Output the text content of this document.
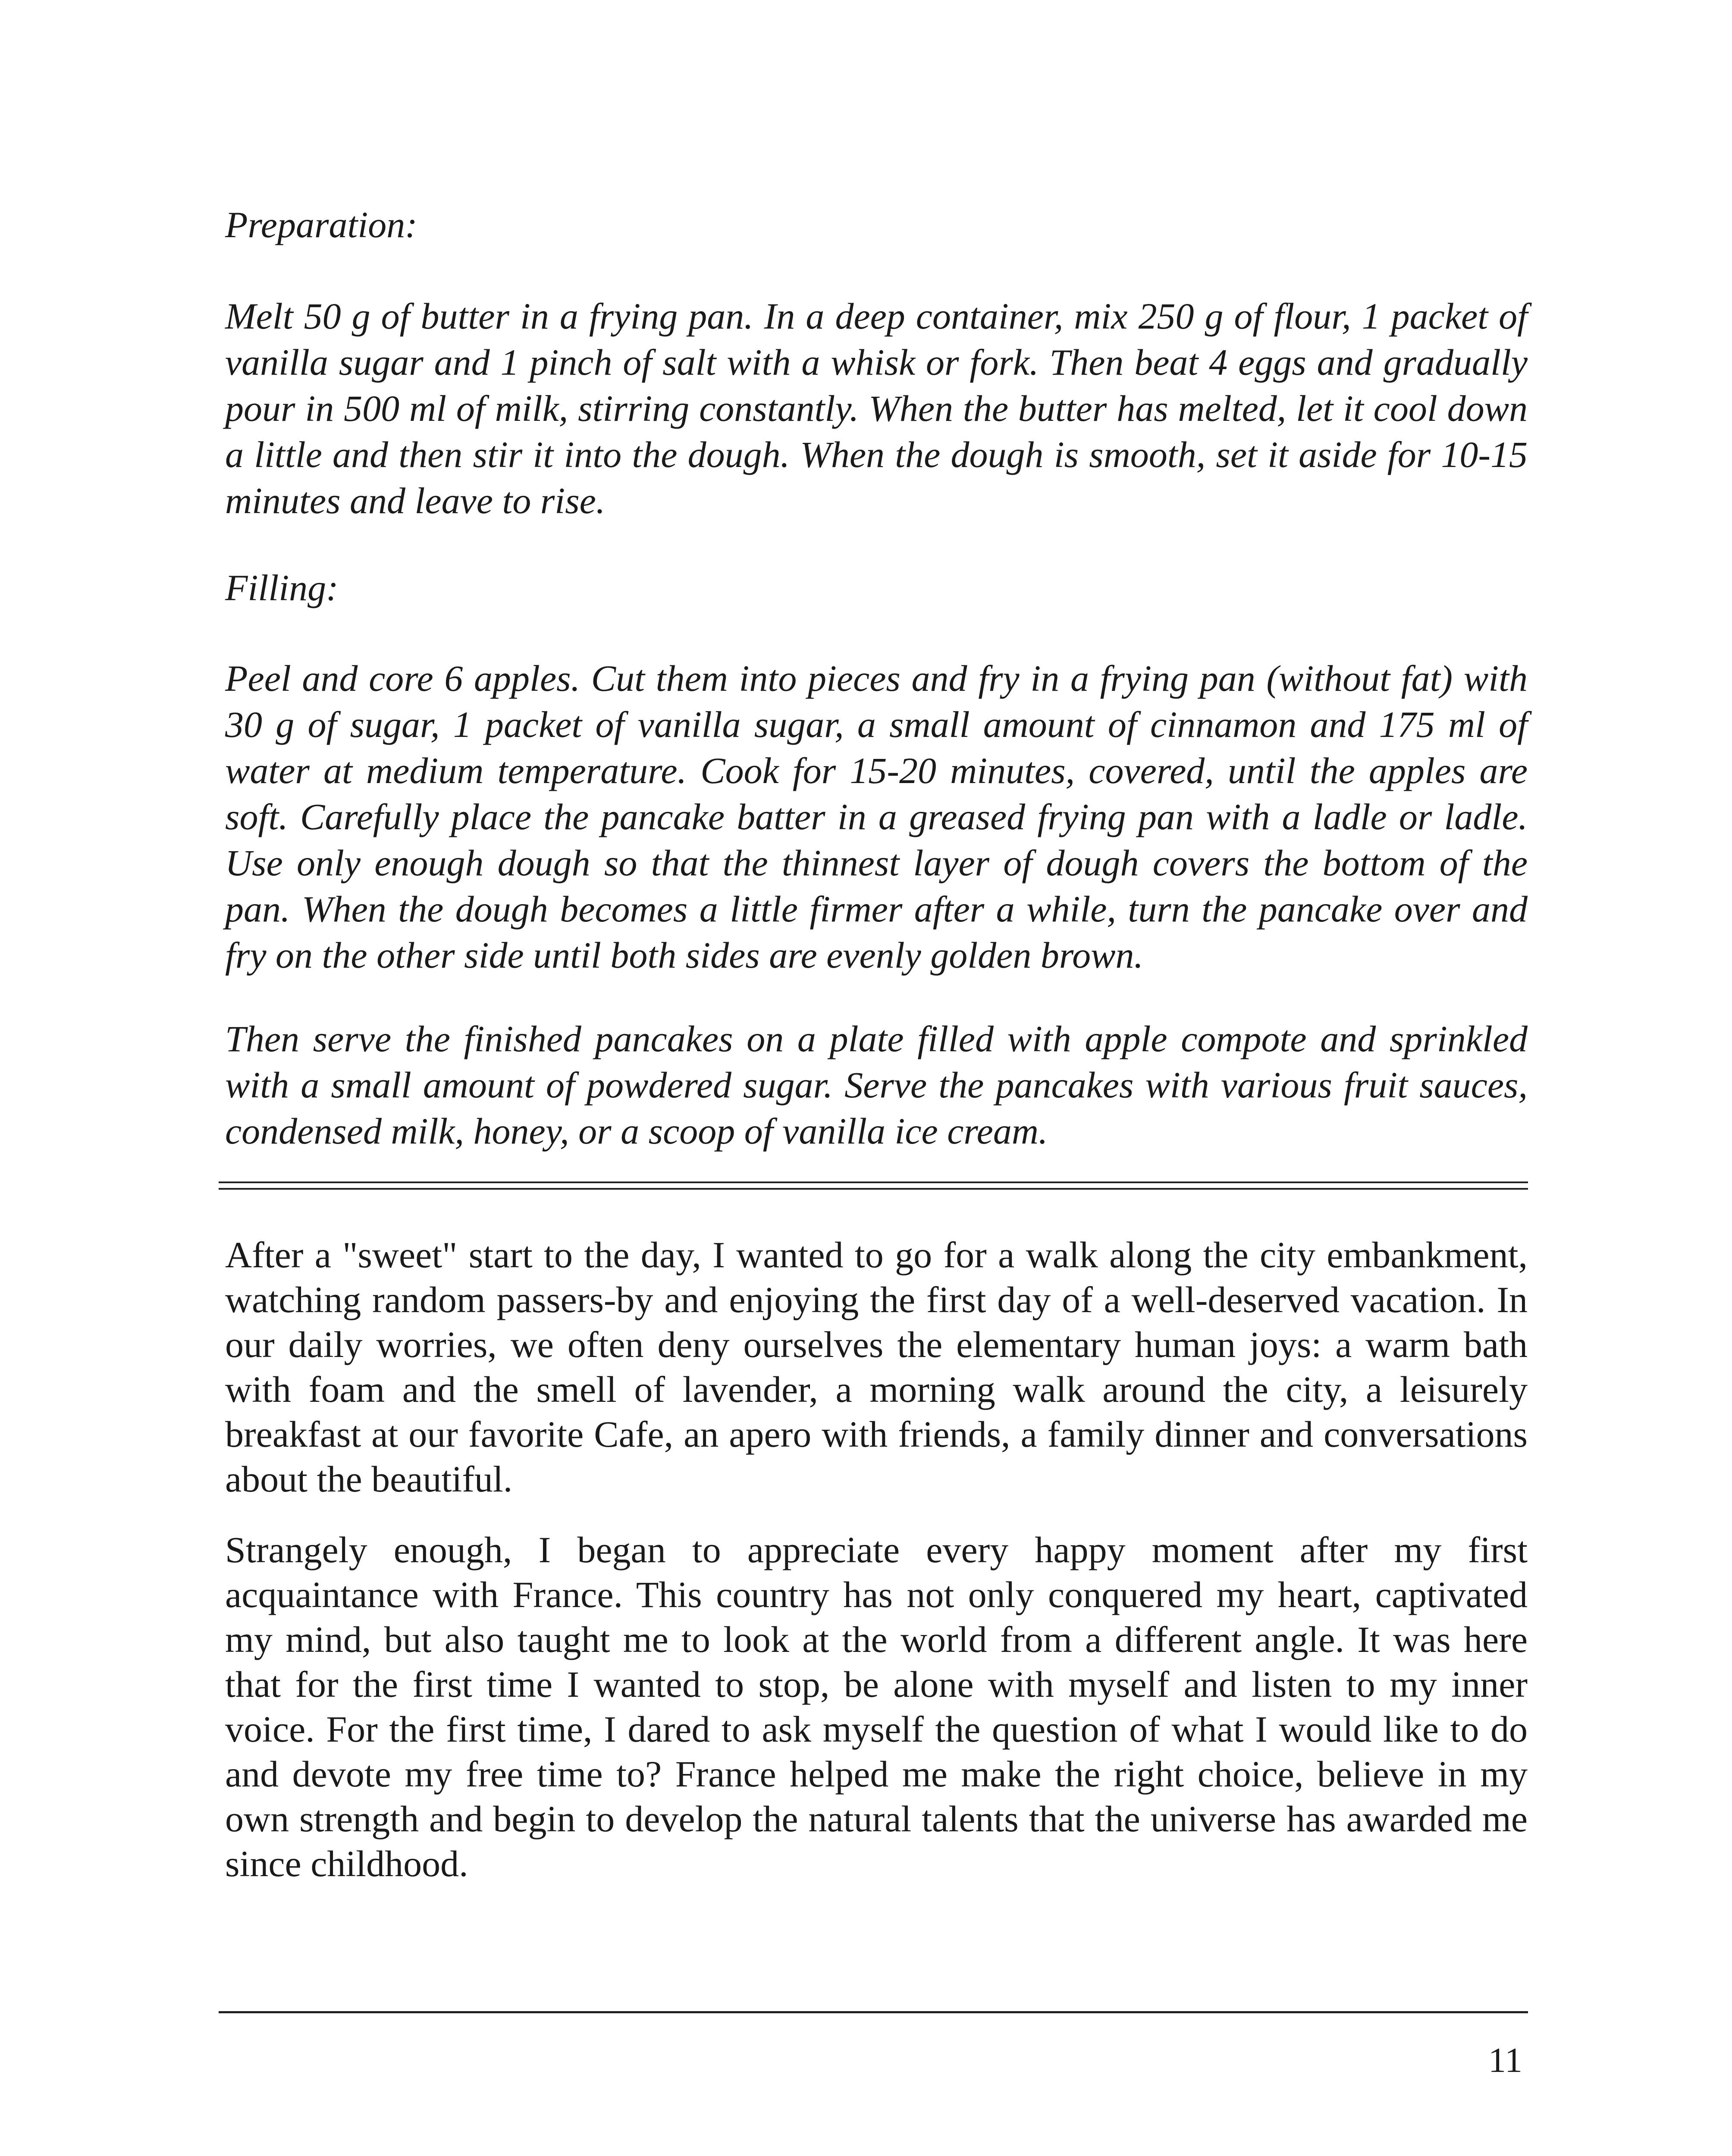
Preparation:

Melt 50 g of butter in a frying pan. In a deep container, mix 250 g of flour, 1 packet of vanilla sugar and 1 pinch of salt with a whisk or fork. Then beat 4 eggs and gradually pour in 500 ml of milk, stirring constantly. When the butter has melted, let it cool down a little and then stir it into the dough. When the dough is smooth, set it aside for 10-15 minutes and leave to rise.

Filling:

Peel and core 6 apples. Cut them into pieces and fry in a frying pan (without fat) with 30 g of sugar, 1 packet of vanilla sugar, a small amount of cinnamon and 175 ml of water at medium temperature. Cook for 15-20 minutes, covered, until the apples are soft. Carefully place the pancake batter in a greased frying pan with a ladle or ladle. Use only enough dough so that the thinnest layer of dough covers the bottom of the pan. When the dough becomes a little firmer after a while, turn the pancake over and fry on the other side until both sides are evenly golden brown.

Then serve the finished pancakes on a plate filled with apple compote and sprinkled with a small amount of powdered sugar. Serve the pancakes with various fruit sauces, condensed milk, honey, or a scoop of vanilla ice cream.

After a "sweet" start to the day, I wanted to go for a walk along the city embankment, watching random passers-by and enjoying the first day of a well-deserved vacation. In our daily worries, we often deny ourselves the elementary human joys: a warm bath with foam and the smell of lavender, a morning walk around the city, a leisurely breakfast at our favorite Cafe, an apero with friends, a family dinner and conversations about the beautiful.

Strangely enough, I began to appreciate every happy moment after my first acquaintance with France. This country has not only conquered my heart, captivated my mind, but also taught me to look at the world from a different angle. It was here that for the first time I wanted to stop, be alone with myself and listen to my inner voice. For the first time, I dared to ask myself the question of what I would like to do and devote my free time to? France helped me make the right choice, believe in my own strength and begin to develop the natural talents that the universe has awarded me since childhood.

11
